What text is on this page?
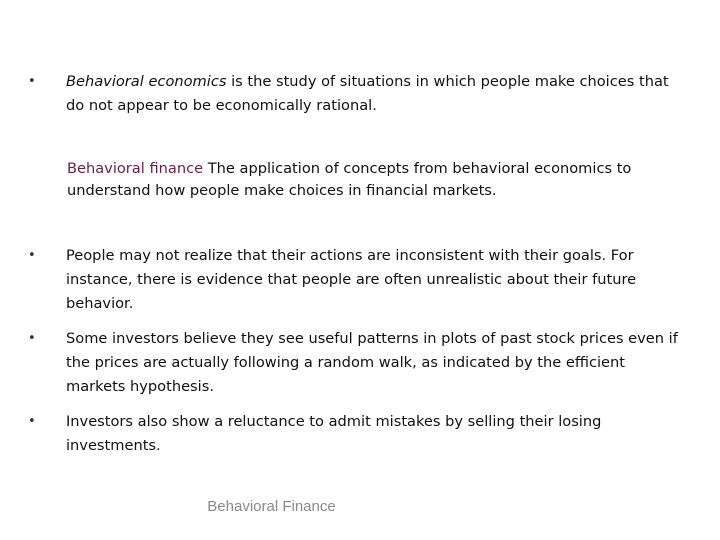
•	Behavioral economics is the study of situations in which people make choices that do not appear to be economically rational.
Behavioral finance The application of concepts from behavioral economics to understand how people make choices in financial markets.
•	People may not realize that their actions are inconsistent with their goals. For instance, there is evidence that people are often unrealistic about their future behavior.
•	Some investors believe they see useful patterns in plots of past stock prices even if the prices are actually following a random walk, as indicated by the efficient markets hypothesis.
•	Investors also show a reluctance to admit mistakes by selling their losing investments.
Behavioral Finance
